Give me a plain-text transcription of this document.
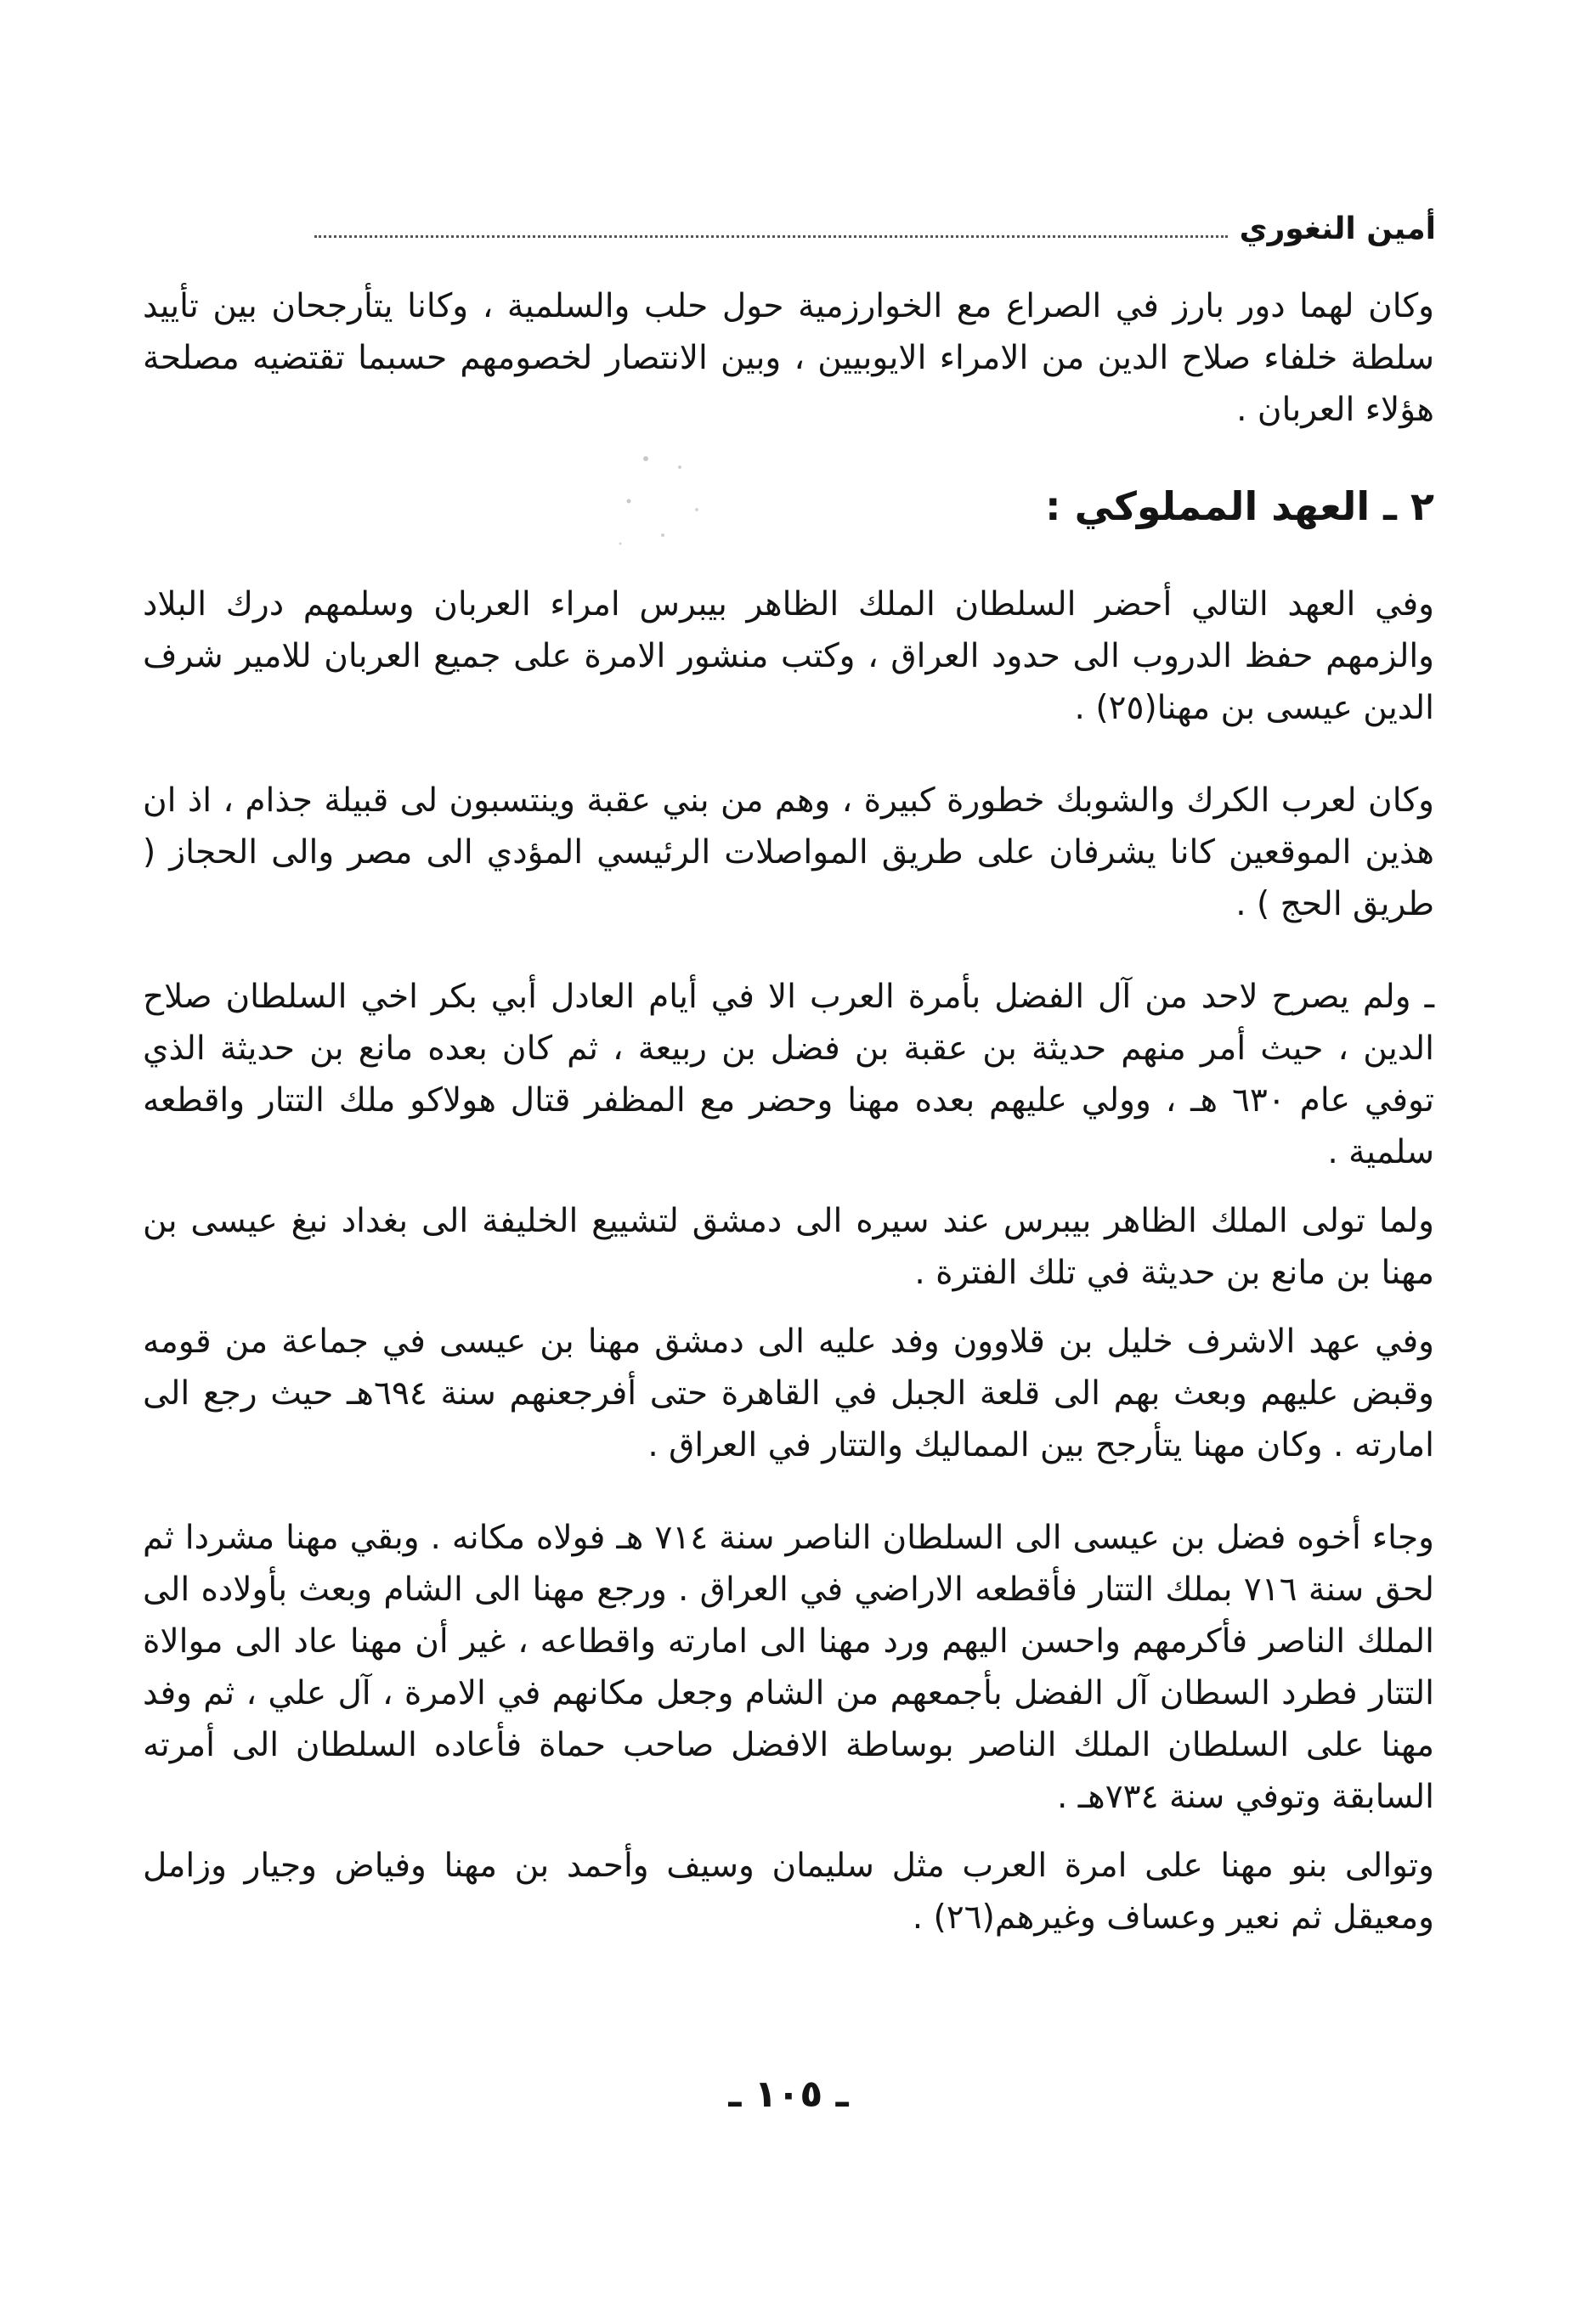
أمين النغوري

وكان لهما دور بارز في الصراع مع الخوارزمية حول حلب والسلمية ، وكانا يتأرجحان بين تأييد سلطة خلفاء صلاح الدين من الامراء الايوبيين ، وبين الانتصار لخصومهم حسبما تقتضيه مصلحة هؤلاء العربان .

٢ ـ العهد المملوكي :

وفي العهد التالي أحضر السلطان الملك الظاهر بيبرس امراء العربان وسلمهم درك البلاد والزمهم حفظ الدروب الى حدود العراق ، وكتب منشور الامرة على جميع العربان للامير شرف الدين عيسى بن مهنا(٢٥) .

وكان لعرب الكرك والشوبك خطورة كبيرة ، وهم من بني عقبة وينتسبون لى قبيلة جذام ، اذ ان هذين الموقعين كانا يشرفان على طريق المواصلات الرئيسي المؤدي الى مصر والى الحجاز ( طريق الحج ) .

ـ ولم يصرح لاحد من آل الفضل بأمرة العرب الا في أيام العادل أبي بكر اخي السلطان صلاح الدين ، حيث أمر منهم حديثة بن عقبة بن فضل بن ربيعة ، ثم كان بعده مانع بن حديثة الذي توفي عام ٦٣٠ هـ ، وولي عليهم بعده مهنا وحضر مع المظفر قتال هولاكو ملك التتار واقطعه سلمية .

ولما تولى الملك الظاهر بيبرس عند سيره الى دمشق لتشييع الخليفة الى بغداد نبغ عيسى بن مهنا بن مانع بن حديثة في تلك الفترة .

وفي عهد الاشرف خليل بن قلاوون وفد عليه الى دمشق مهنا بن عيسى في جماعة من قومه وقبض عليهم وبعث بهم الى قلعة الجبل في القاهرة حتى أفرجعنهم سنة ٦٩٤هـ حيث رجع الى امارته . وكان مهنا يتأرجح بين المماليك والتتار في العراق .

وجاء أخوه فضل بن عيسى الى السلطان الناصر سنة ٧١٤ هـ فولاه مكانه . وبقي مهنا مشردا ثم لحق سنة ٧١٦ بملك التتار فأقطعه الاراضي في العراق . ورجع مهنا الى الشام وبعث بأولاده الى الملك الناصر فأكرمهم واحسن اليهم ورد مهنا الى امارته واقطاعه ، غير أن مهنا عاد الى موالاة التتار فطرد السطان آل الفضل بأجمعهم من الشام وجعل مكانهم في الامرة ، آل علي ، ثم وفد مهنا على السلطان الملك الناصر بوساطة الافضل صاحب حماة فأعاده السلطان الى أمرته السابقة وتوفي سنة ٧٣٤هـ .

وتوالى بنو مهنا على امرة العرب مثل سليمان وسيف وأحمد بن مهنا وفياض وجيار وزامل ومعيقل ثم نعير وعساف وغيرهم(٢٦) .

ـ ١٠٥ ـ
